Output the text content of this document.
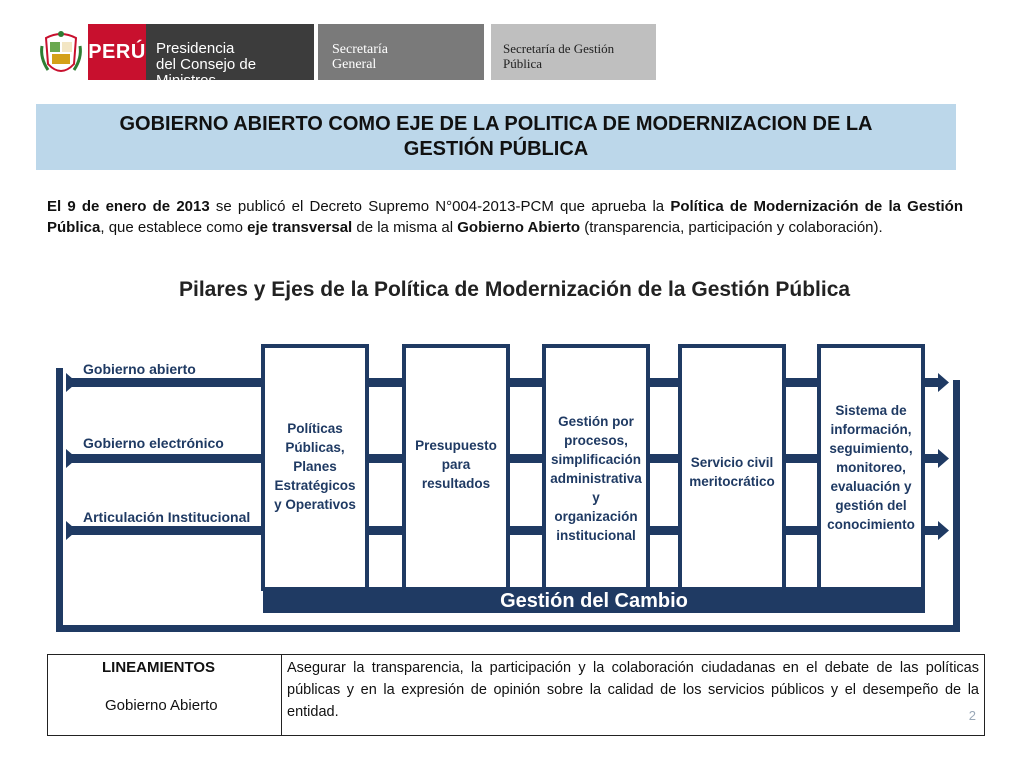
PERÚ Presidencia
del Consejo de Ministros
Secretaría
General
Secretaría de Gestión
Pública
GOBIERNO ABIERTO COMO EJE DE LA POLITICA DE MODERNIZACION DE LA
GESTIÓN PÚBLICA
El 9 de enero de 2013 se publicó el Decreto Supremo N°004-2013-PCM que aprueba la Política de Modernización de la Gestión Pública, que establece como eje transversal de la misma al Gobierno Abierto (transparencia, participación y colaboración).
Pilares y Ejes de la Política de Modernización de la Gestión Pública
Gobierno abierto
Gobierno electrónico
Articulación Institucional
Políticas
Públicas,
Planes
Estratégicos
y Operativos
Presupuesto
para
resultados
Gestión por
procesos,
simplificación
administrativa
y
organización
institucional
Servicio civil
meritocrático
Sistema de
información,
seguimiento,
monitoreo,
evaluación y
gestión del
conocimiento
Gestión del Cambio
LINEAMIENTOS
Gobierno Abierto
Asegurar la transparencia, la participación y la colaboración ciudadanas en el debate de las políticas públicas y en la expresión de opinión sobre la calidad de los servicios públicos y el desempeño de la entidad.	2
